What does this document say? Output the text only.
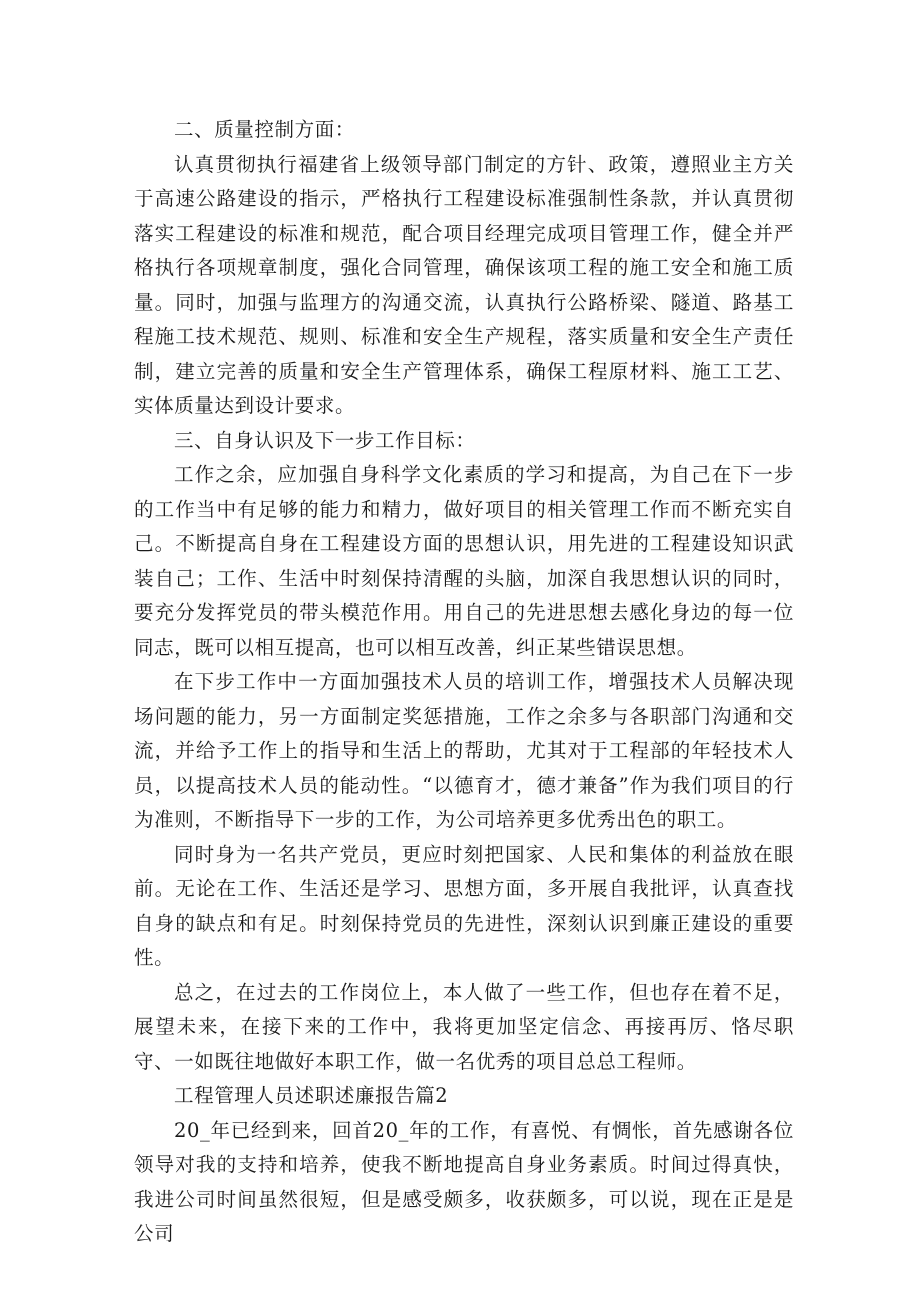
二、质量控制方面：

认真贯彻执行福建省上级领导部门制定的方针、政策，遵照业主方关于高速公路建设的指示，严格执行工程建设标准强制性条款，并认真贯彻落实工程建设的标准和规范，配合项目经理完成项目管理工作，健全并严格执行各项规章制度，强化合同管理，确保该项工程的施工安全和施工质量。同时，加强与监理方的沟通交流，认真执行公路桥梁、隧道、路基工程施工技术规范、规则、标准和安全生产规程，落实质量和安全生产责任制，建立完善的质量和安全生产管理体系，确保工程原材料、施工工艺、实体质量达到设计要求。

三、自身认识及下一步工作目标：

工作之余，应加强自身科学文化素质的学习和提高，为自己在下一步的工作当中有足够的能力和精力，做好项目的相关管理工作而不断充实自己。不断提高自身在工程建设方面的思想认识，用先进的工程建设知识武装自己；工作、生活中时刻保持清醒的头脑，加深自我思想认识的同时，要充分发挥党员的带头模范作用。用自己的先进思想去感化身边的每一位同志，既可以相互提高，也可以相互改善，纠正某些错误思想。

在下步工作中一方面加强技术人员的培训工作，增强技术人员解决现场问题的能力，另一方面制定奖惩措施，工作之余多与各职部门沟通和交流，并给予工作上的指导和生活上的帮助，尤其对于工程部的年轻技术人员，以提高技术人员的能动性。“以德育才，德才兼备”作为我们项目的行为准则，不断指导下一步的工作，为公司培养更多优秀出色的职工。

同时身为一名共产党员，更应时刻把国家、人民和集体的利益放在眼前。无论在工作、生活还是学习、思想方面，多开展自我批评，认真查找自身的缺点和有足。时刻保持党员的先进性，深刻认识到廉正建设的重要性。

总之，在过去的工作岗位上，本人做了一些工作，但也存在着不足，展望未来，在接下来的工作中，我将更加坚定信念、再接再厉、恪尽职守、一如既往地做好本职工作，做一名优秀的项目总总工程师。

工程管理人员述职述廉报告篇2

20_年已经到来，回首20_年的工作，有喜悦、有惆怅，首先感谢各位领导对我的支持和培养，使我不断地提高自身业务素质。时间过得真快，我进公司时间虽然很短，但是感受颇多，收获颇多，可以说，现在正是是公司
